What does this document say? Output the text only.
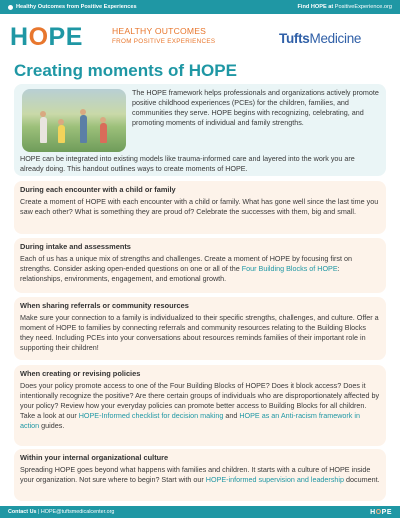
Healthy Outcomes from Positive Experiences	Find HOPE at PositiveExperience.org
HOPE	HEALTHY OUTCOMES
FROM POSITIVE EXPERIENCES	TuftsMedicine
Creating moments of HOPE

The HOPE framework helps professionals and organizations actively promote positive childhood experiences (PCEs) for the children, families, and communities they serve. HOPE begins with recognizing, celebrating, and promoting moments of individual and family strengths.

HOPE can be integrated into existing models like trauma-informed care and layered into the work you are already doing. This handout outlines ways to create moments of HOPE.

During each encounter with a child or family

Create a moment of HOPE with each encounter with a child or family. What has gone well since the last time you saw each other? What is something they are proud of? Celebrate the successes with them, big and small.

During intake and assessments

Each of us has a unique mix of strengths and challenges. Create a moment of HOPE by focusing first on strengths. Consider asking open-ended questions on one or all of the Four Building Blocks of HOPE: relationships, environments, engagement, and emotional growth.

When sharing referrals or community resources

Make sure your connection to a family is individualized to their specific strengths, challenges, and culture. Offer a moment of HOPE to families by connecting referrals and community resources relating to the Building Blocks they need. Including PCEs into your conversations about resources reminds families of their important role in supporting their children!

When creating or revising policies

Does your policy promote access to one of the Four Building Blocks of HOPE? Does it block access? Does it intentionally recognize the positive? Are there certain groups of individuals who are disproportionately affected by your policy? Review how your everyday policies can promote better access to Building Blocks for all children. Take a look at our HOPE-Informed checklist for decision making and HOPE as an Anti-racism framework in action guides.

Within your internal organizational culture

Spreading HOPE goes beyond what happens with families and children. It starts with a culture of HOPE inside your organization. Not sure where to begin? Start with our HOPE-informed supervision and leadership document.

Contact Us | HOPE@tuftsmedicalcenter.org	HOPE
